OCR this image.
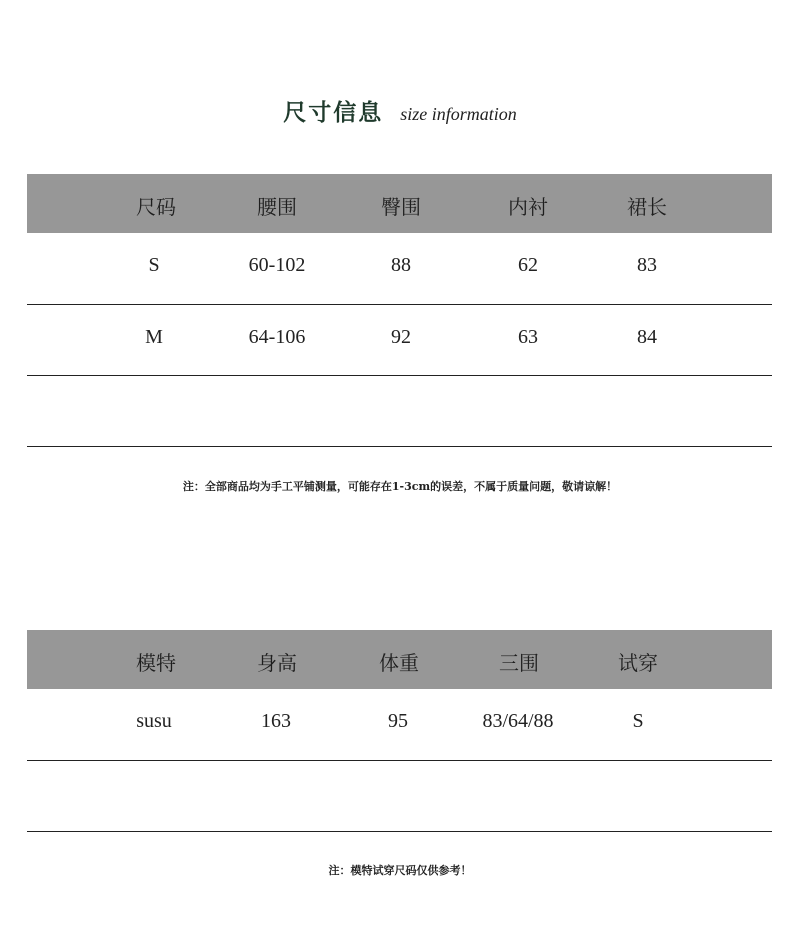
尺寸信息 size information
尺码	腰围	臀围	内衬	裙长
S	60-102	88	62	83
M	64-106	92	63	84
注：全部商品均为手工平铺测量，可能存在1-3cm的误差，不属于质量问题，敬请谅解！
模特	身高	体重	三围	试穿
susu	163	95	83/64/88	S
注：模特试穿尺码仅供参考！
